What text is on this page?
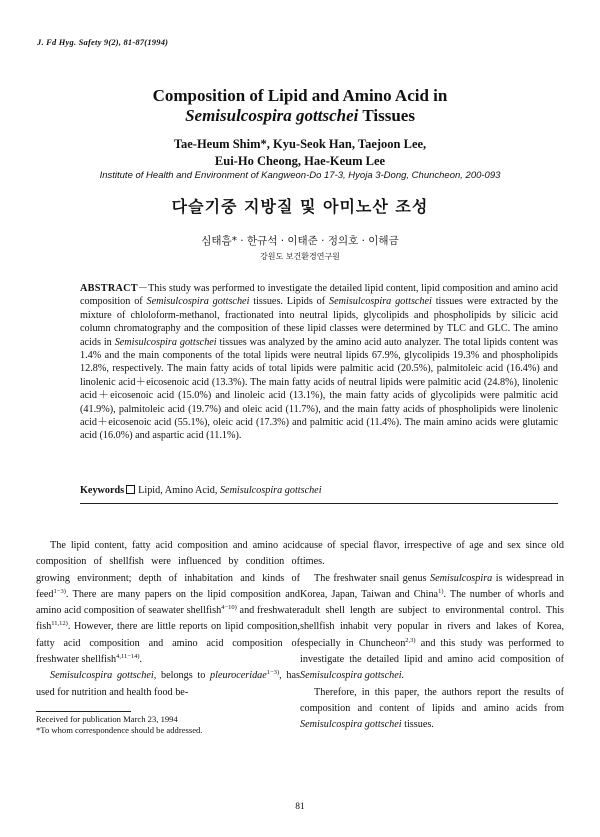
J. Fd Hyg. Safety 9(2), 81-87(1994)
Composition of Lipid and Amino Acid in
Semisulcospira gottschei Tissues
Tae-Heum Shim*, Kyu-Seok Han, Taejoon Lee,
Eui-Ho Cheong, Hae-Keum Lee
Institute of Health and Environment of Kangweon-Do 17-3, Hyoja 3-Dong, Chuncheon, 200-093
다슬기중 지방질 및 아미노산 조성
심태흠* · 한규석 · 이태준 · 정의호 · 이해금
강원도 보건환경연구원
ABSTRACT－This study was performed to investigate the detailed lipid content, lipid composition and amino acid composition of Semisulcospira gottschei tissues. Lipids of Semisulcospira gottschei tissues were extracted by the mixture of chloloform-methanol, fractionated into neutral lipids, glycolipids and phospholipids by silicic acid column chromatography and the composition of these lipid classes were determined by TLC and GLC. The amino acids in Semisulcospira gottschei tissues was analyzed by the amino acid auto analyzer. The total lipids content was 1.4% and the main components of the total lipids were neutral lipids 67.9%, glycolipids 19.3% and phospholipids 12.8%, respectively. The main fatty acids of total lipids were palmitic acid (20.5%), palmitoleic acid (16.4%) and linolenic acid＋eicosenoic acid (13.3%). The main fatty acids of neutral lipids were palmitic acid (24.8%), linolenic acid＋eicosenoic acid (15.0%) and linoleic acid (13.1%), the main fatty acids of glycolipids were palmitic acid (41.9%), palmitoleic acid (19.7%) and oleic acid (11.7%), and the main fatty acids of phospholipids were linolenic acid＋eicosenoic acid (55.1%), oleic acid (17.3%) and palmitic acid (11.4%). The main amino acids were glutamic acid (16.0%) and aspartic acid (11.1%).
Keywords Lipid, Amino Acid, Semisulcospira gottschei

The lipid content, fatty acid composition and amino acid composition of shellfish were influenced by condition of growing environment; depth of inhabitation and kinds of feed$^{1-3)}$. There are many papers on the lipid composition and amino acid composition of seawater shellfish$^{4-10)}$ and freshwater fish$^{11,12)}$. However, there are little reports on lipid composition, fatty acid composition and amino acid composition of freshwater shellfish$^{4,11-14)}$.

Semisulcospira gottschei, belongs to pleuroceridae$^{1-3)}$, has used for nutrition and health food be-

Received for publication March 23, 1994
*To whom correspondence should be addressed.

cause of special flavor, irrespective of age and sex since old times.

The freshwater snail genus Semisulcospira is widespread in Korea, Japan, Taiwan and China$^{1)}$. The number of whorls and adult shell length are subject to environmental control. This shellfish inhabit very popular in rivers and lakes of Korea, especially in Chuncheon$^{2,3)}$ and this study was performed to investigate the detailed lipid and amino acid composition of Semisulcospira gottschei.

Therefore, in this paper, the authors report the results of composition and content of lipids and amino acids from Semisulcospira gottschei tissues.

81
